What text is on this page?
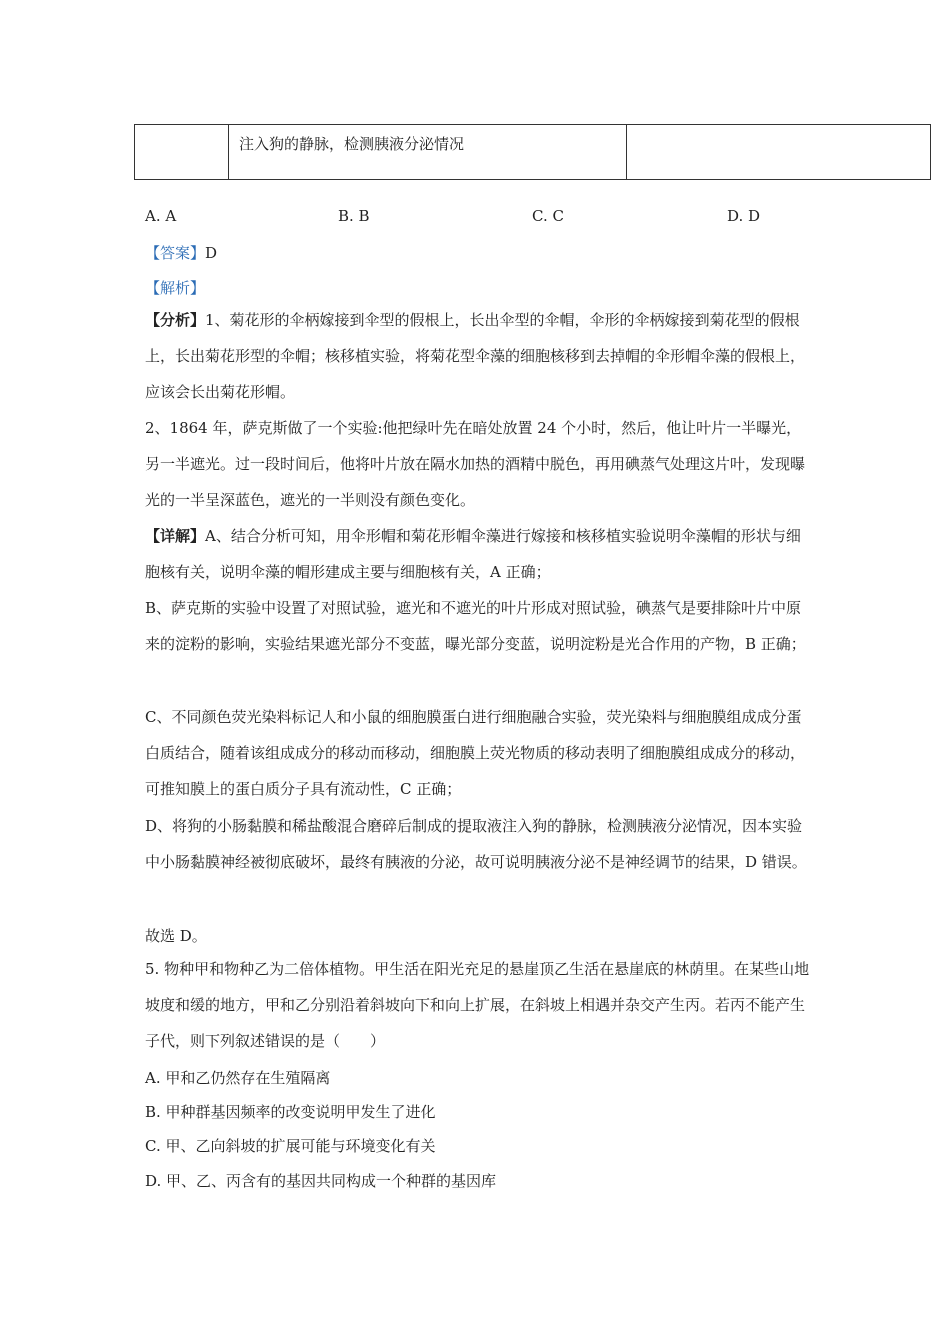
	注入狗的静脉，检测胰液分泌情况	
A. A	B. B	C. C	D. D
【答案】D
【解析】
【分析】1、菊花形的伞柄嫁接到伞型的假根上，长出伞型的伞帽，伞形的伞柄嫁接到菊花型的假根上，长出菊花形型的伞帽；核移植实验，将菊花型伞藻的细胞核移到去掉帽的伞形帽伞藻的假根上，应该会长出菊花形帽。
2、1864 年，萨克斯做了一个实验:他把绿叶先在暗处放置 24 个小时，然后，他让叶片一半曝光，另一半遮光。过一段时间后，他将叶片放在隔水加热的酒精中脱色，再用碘蒸气处理这片叶，发现曝光的一半呈深蓝色，遮光的一半则没有颜色变化。
【详解】A、结合分析可知，用伞形帽和菊花形帽伞藻进行嫁接和核移植实验说明伞藻帽的形状与细胞核有关，说明伞藻的帽形建成主要与细胞核有关，A 正确；
B、萨克斯的实验中设置了对照试验，遮光和不遮光的叶片形成对照试验，碘蒸气是要排除叶片中原来的淀粉的影响，实验结果遮光部分不变蓝，曝光部分变蓝，说明淀粉是光合作用的产物，B 正确；
C、不同颜色荧光染料标记人和小鼠的细胞膜蛋白进行细胞融合实验，荧光染料与细胞膜组成成分蛋白质结合，随着该组成成分的移动而移动，细胞膜上荧光物质的移动表明了细胞膜组成成分的移动，可推知膜上的蛋白质分子具有流动性，C 正确；
D、将狗的小肠黏膜和稀盐酸混合磨碎后制成的提取液注入狗的静脉，检测胰液分泌情况，因本实验中小肠黏膜神经被彻底破坏，最终有胰液的分泌，故可说明胰液分泌不是神经调节的结果，D 错误。
故选 D。
5. 物种甲和物种乙为二倍体植物。甲生活在阳光充足的悬崖顶乙生活在悬崖底的林荫里。在某些山地坡度和缓的地方，甲和乙分别沿着斜坡向下和向上扩展，在斜坡上相遇并杂交产生丙。若丙不能产生子代，则下列叙述错误的是（　　）
A. 甲和乙仍然存在生殖隔离
B. 甲种群基因频率的改变说明甲发生了进化
C. 甲、乙向斜坡的扩展可能与环境变化有关
D. 甲、乙、丙含有的基因共同构成一个种群的基因库
